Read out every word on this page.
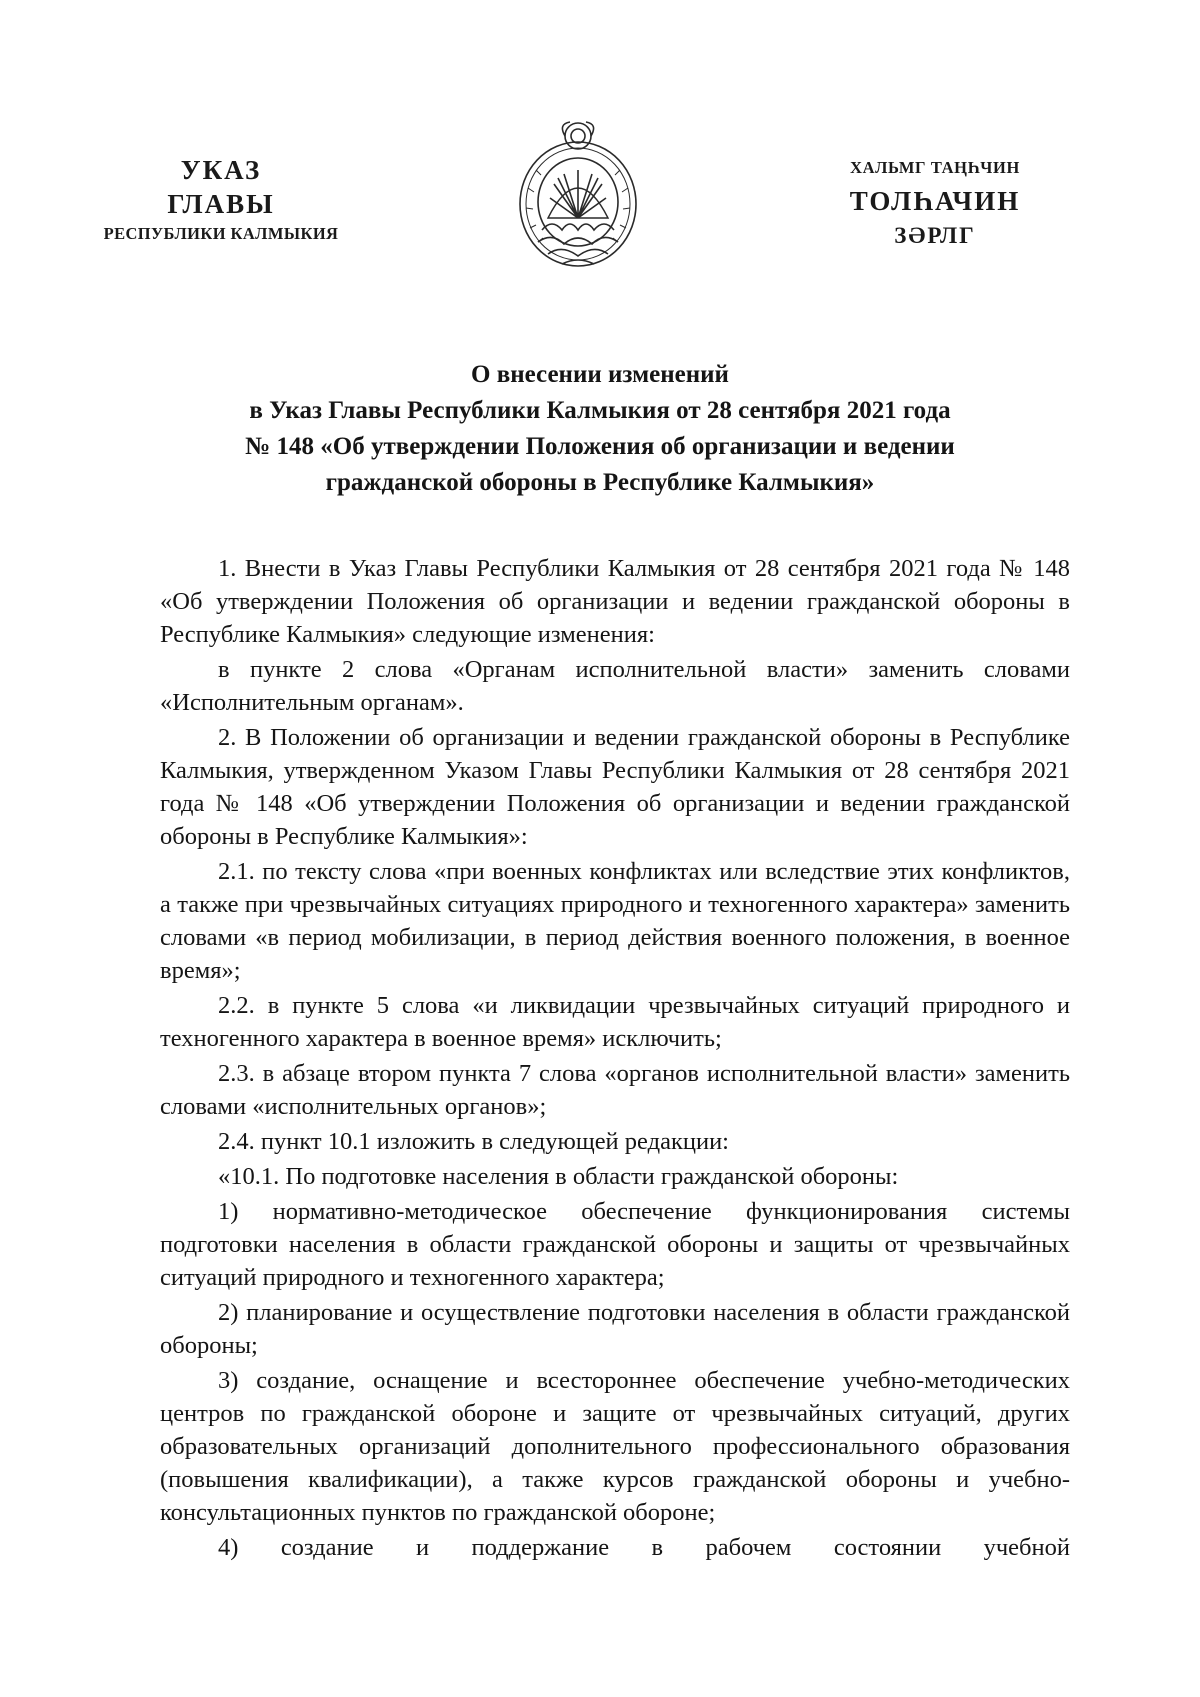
УКАЗ
ГЛАВЫ
РЕСПУБЛИКИ КАЛМЫКИЯ
ХАЛЬМГ ТАҢҺЧИН
ТОЛҺАЧИН
ЗӘРЛГ
О внесении изменений
в Указ Главы Республики Калмыкия от 28 сентября 2021 года
№ 148 «Об утверждении Положения об организации и ведении
гражданской обороны в Республике Калмыкия»

1. Внести в Указ Главы Республики Калмыкия от 28 сентября 2021 года № 148 «Об утверждении Положения об организации и ведении гражданской обороны в Республике Калмыкия» следующие изменения:

в пункте 2 слова «Органам исполнительной власти» заменить словами «Исполнительным органам».

2. В Положении об организации и ведении гражданской обороны в Республике Калмыкия, утвержденном Указом Главы Республики Калмыкия от 28 сентября 2021 года № 148 «Об утверждении Положения об организации и ведении гражданской обороны в Республике Калмыкия»:

2.1. по тексту слова «при военных конфликтах или вследствие этих конфликтов, а также при чрезвычайных ситуациях природного и техногенного характера» заменить словами «в период мобилизации, в период действия военного положения, в военное время»;

2.2. в пункте 5 слова «и ликвидации чрезвычайных ситуаций природного и техногенного характера в военное время» исключить;

2.3. в абзаце втором пункта 7 слова «органов исполнительной власти» заменить словами «исполнительных органов»;

2.4. пункт 10.1 изложить в следующей редакции:

«10.1. По подготовке населения в области гражданской обороны:

1) нормативно-методическое обеспечение функционирования системы подготовки населения в области гражданской обороны и защиты от чрезвычайных ситуаций природного и техногенного характера;

2) планирование и осуществление подготовки населения в области гражданской обороны;

3) создание, оснащение и всестороннее обеспечение учебно-методических центров по гражданской обороне и защите от чрезвычайных ситуаций, других образовательных организаций дополнительного профессионального образования (повышения квалификации), а также курсов гражданской обороны и учебно-консультационных пунктов по гражданской обороне;

4) создание и поддержание в рабочем состоянии учебной
